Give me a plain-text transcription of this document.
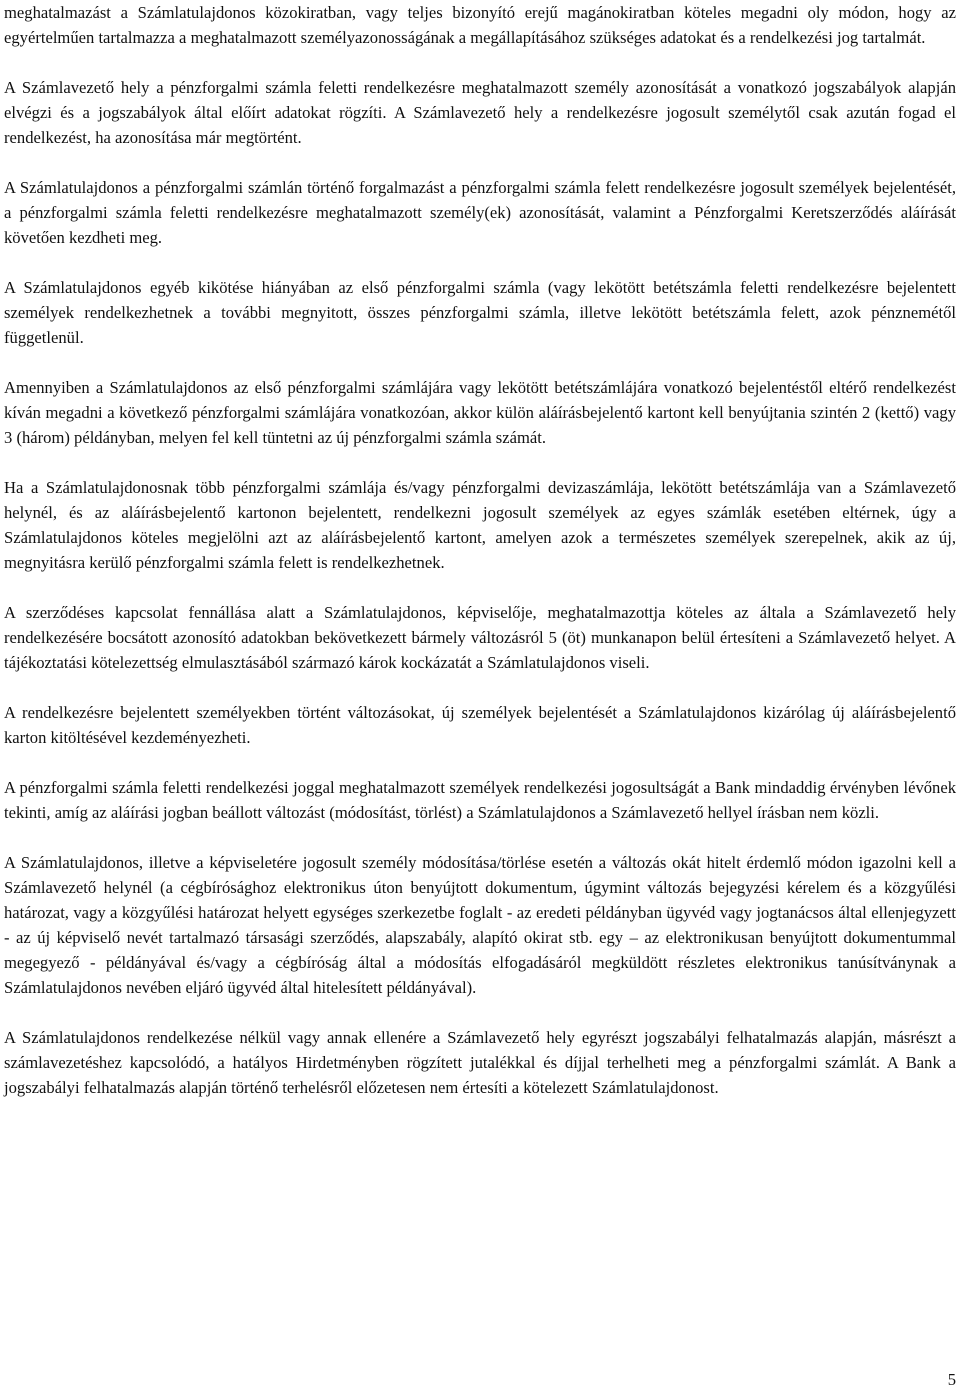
meghatalmazást a Számlatulajdonos közokiratban, vagy teljes bizonyító erejű magánokiratban köteles megadni oly módon, hogy az egyértelműen tartalmazza a meghatalmazott személyazonosságának a megállapításához szükséges adatokat és a rendelkezési jog tartalmát.

A Számlavezető hely a pénzforgalmi számla feletti rendelkezésre meghatalmazott személy azonosítását a vonatkozó jogszabályok alapján elvégzi és a jogszabályok által előírt adatokat rögzíti. A Számlavezető hely a rendelkezésre jogosult személytől csak azután fogad el rendelkezést, ha azonosítása már megtörtént.

A Számlatulajdonos a pénzforgalmi számlán történő forgalmazást a pénzforgalmi számla felett rendelkezésre jogosult személyek bejelentését, a pénzforgalmi számla feletti rendelkezésre meghatalmazott személy(ek) azonosítását, valamint a Pénzforgalmi Keretszerződés aláírását követően kezdheti meg.

A Számlatulajdonos egyéb kikötése hiányában az első pénzforgalmi számla (vagy lekötött betétszámla feletti rendelkezésre bejelentett személyek rendelkezhetnek a további megnyitott, összes pénzforgalmi számla, illetve lekötött betétszámla felett, azok pénznemétől függetlenül.

Amennyiben a Számlatulajdonos az első pénzforgalmi számlájára vagy lekötött betétszámlájára vonatkozó bejelentéstől eltérő rendelkezést kíván megadni a következő pénzforgalmi számlájára vonatkozóan, akkor külön aláírásbejelentő kartont kell benyújtania szintén 2 (kettő) vagy 3 (három) példányban, melyen fel kell tüntetni az új pénzforgalmi számla számát.

Ha a Számlatulajdonosnak több pénzforgalmi számlája és/vagy pénzforgalmi devizaszámlája, lekötött betétszámlája van a Számlavezető helynél, és az aláírásbejelentő kartonon bejelentett, rendelkezni jogosult személyek az egyes számlák esetében eltérnek, úgy a Számlatulajdonos köteles megjelölni azt az aláírásbejelentő kartont, amelyen azok a természetes személyek szerepelnek, akik az új, megnyitásra kerülő pénzforgalmi számla felett is rendelkezhetnek.

A szerződéses kapcsolat fennállása alatt a Számlatulajdonos, képviselője, meghatalmazottja köteles az általa a Számlavezető hely rendelkezésére bocsátott azonosító adatokban bekövetkezett bármely változásról 5 (öt) munkanapon belül értesíteni a Számlavezető helyet. A tájékoztatási kötelezettség elmulasztásából származó károk kockázatát a Számlatulajdonos viseli.

A rendelkezésre bejelentett személyekben történt változásokat, új személyek bejelentését a Számlatulajdonos kizárólag új aláírásbejelentő karton kitöltésével kezdeményezheti.

A pénzforgalmi számla feletti rendelkezési joggal meghatalmazott személyek rendelkezési jogosultságát a Bank mindaddig érvényben lévőnek tekinti, amíg az aláírási jogban beállott változást (módosítást, törlést) a Számlatulajdonos a Számlavezető hellyel írásban nem közli.

A Számlatulajdonos, illetve a képviseletére jogosult személy módosítása/törlése esetén a változás okát hitelt érdemlő módon igazolni kell a Számlavezető helynél (a cégbírósághoz elektronikus úton benyújtott dokumentum, úgymint változás bejegyzési kérelem és a közgyűlési határozat, vagy a közgyűlési határozat helyett egységes szerkezetbe foglalt - az eredeti példányban ügyvéd vagy jogtanácsos által ellenjegyzett - az új képviselő nevét tartalmazó társasági szerződés, alapszabály, alapító okirat stb. egy – az elektronikusan benyújtott dokumentummal megegyező - példányával és/vagy a cégbíróság által a módosítás elfogadásáról megküldött részletes elektronikus tanúsítványnak a Számlatulajdonos nevében eljáró ügyvéd által hitelesített példányával).

A Számlatulajdonos rendelkezése nélkül vagy annak ellenére a Számlavezető hely egyrészt jogszabályi felhatalmazás alapján, másrészt a számlavezetéshez kapcsolódó, a hatályos Hirdetményben rögzített jutalékkal és díjjal terhelheti meg a pénzforgalmi számlát. A Bank a jogszabályi felhatalmazás alapján történő terhelésről előzetesen nem értesíti a kötelezett Számlatulajdonost.

5
